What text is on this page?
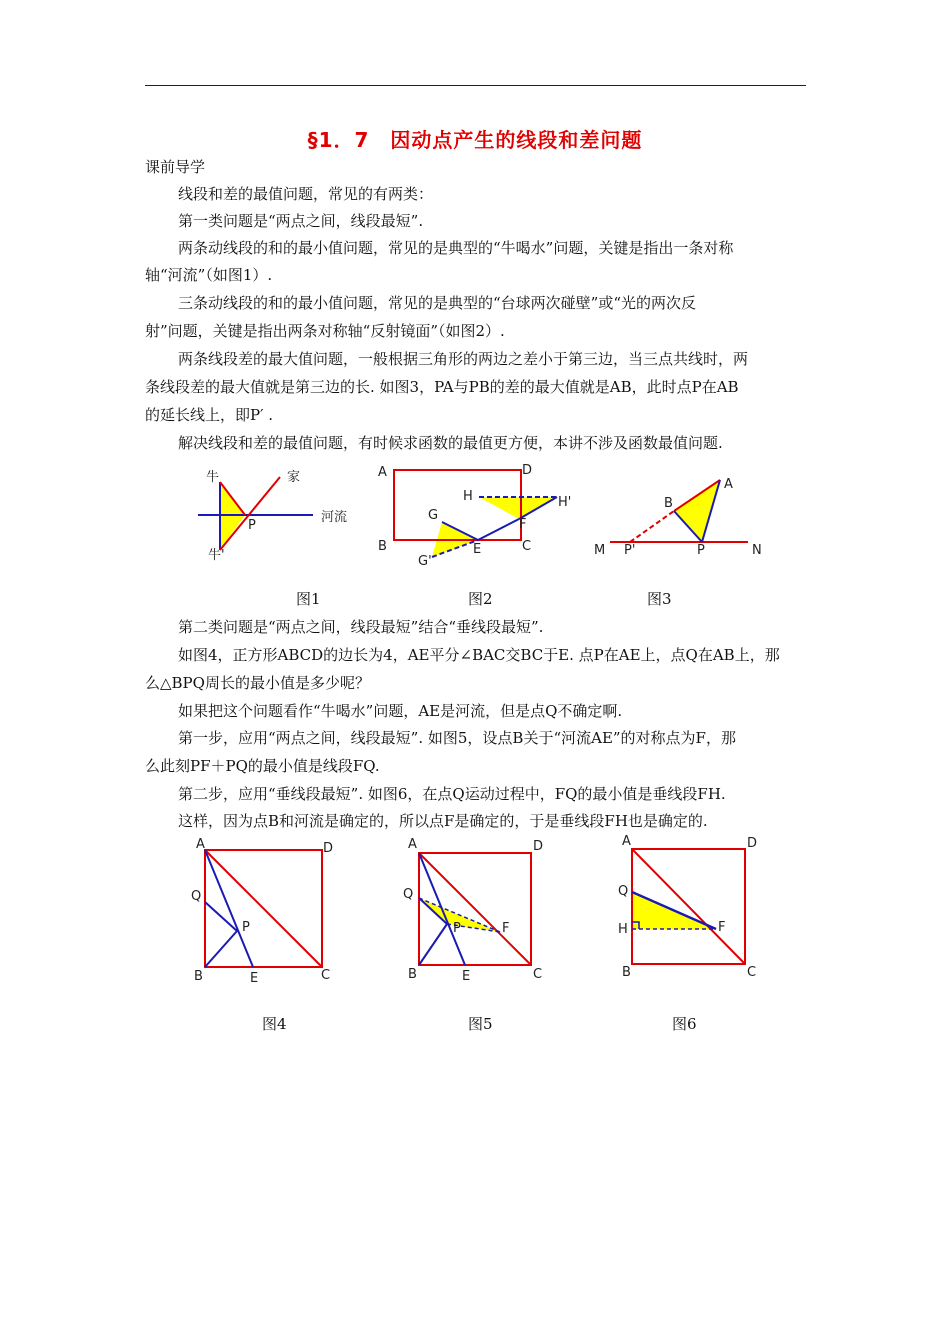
§1．7　因动点产生的线段和差问题
课前导学
线段和差的最值问题，常见的有两类：
第一类问题是“两点之间，线段最短”.
两条动线段的和的最小值问题，常见的是典型的“牛喝水”问题，关键是指出一条对称
轴“河流”（如图1）.
三条动线段的和的最小值问题，常见的是典型的“台球两次碰壁”或“光的两次反
射”问题，关键是指出两条对称轴“反射镜面”（如图2）.
两条线段差的最大值问题，一般根据三角形的两边之差小于第三边，当三点共线时，两
条线段差的最大值就是第三边的长. 如图3，PA与PB的差的最大值就是AB，此时点P在AB
的延长线上，即P′ .
解决线段和差的最值问题，有时候求函数的最值更方便，本讲不涉及函数最值问题.
牛	家
P
河流
牛'
图1
A	D
B	C
H	H'
G
G'
E
F
图2
A
B
M P'	P	N
图3
第二类问题是“两点之间，线段最短”结合“垂线段最短”.
如图4，正方形ABCD的边长为4，AE平分∠BAC交BC于E. 点P在AE上，点Q在AB上，那
么△BPQ周长的最小值是多少呢？
如果把这个问题看作“牛喝水”问题，AE是河流，但是点Q不确定啊.
第一步，应用“两点之间，线段最短”. 如图5，设点B关于“河流AE”的对称点为F，那
么此刻PF＋PQ的最小值是线段FQ.
第二步，应用“垂线段最短”. 如图6，在点Q运动过程中，FQ的最小值是垂线段FH.
这样，因为点B和河流是确定的，所以点F是确定的，于是垂线段FH也是确定的.
A	D
Q
P
B	E	C
图4
A	D
Q
P	F
B	E	C
图5
A	D
Q
H	F
B	C
图6
